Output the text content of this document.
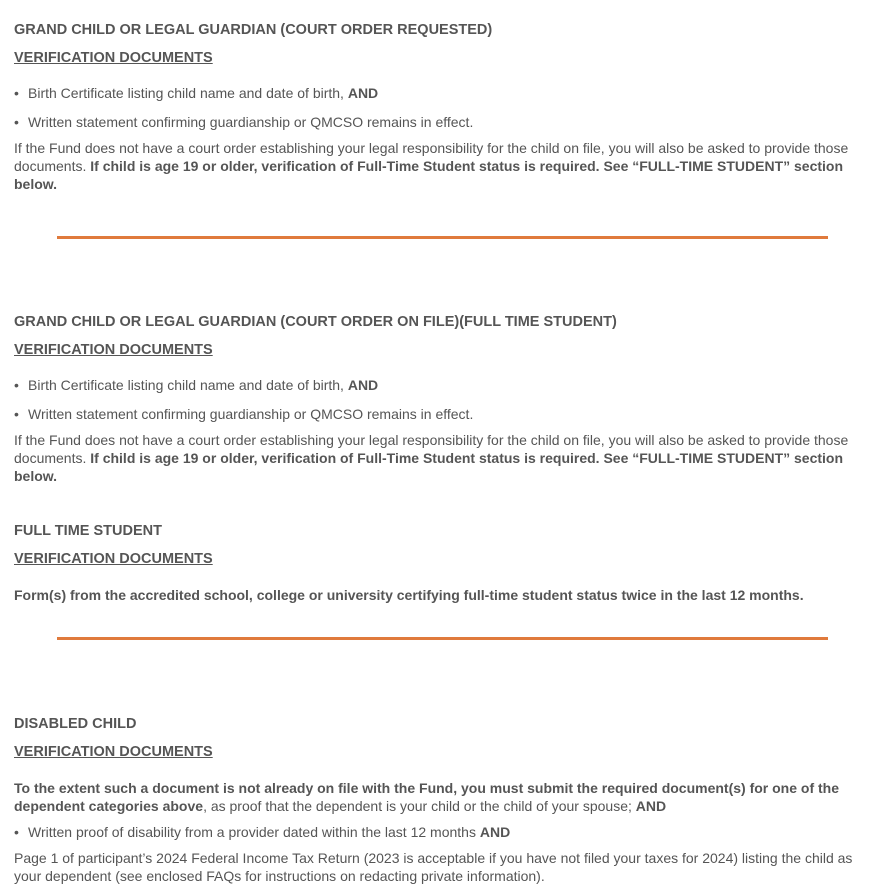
GRAND CHILD OR LEGAL GUARDIAN (COURT ORDER REQUESTED)
VERIFICATION DOCUMENTS
• Birth Certificate listing child name and date of birth, AND
• Written statement confirming guardianship or QMCSO remains in effect.

If the Fund does not have a court order establishing your legal responsibility for the child on file, you will also be asked to provide those documents. If child is age 19 or older, verification of Full-Time Student status is required. See “FULL-TIME STUDENT” section below.

GRAND CHILD OR LEGAL GUARDIAN (COURT ORDER ON FILE)(FULL TIME STUDENT)
VERIFICATION DOCUMENTS
• Birth Certificate listing child name and date of birth, AND
• Written statement confirming guardianship or QMCSO remains in effect.

If the Fund does not have a court order establishing your legal responsibility for the child on file, you will also be asked to provide those documents. If child is age 19 or older, verification of Full-Time Student status is required. See “FULL-TIME STUDENT” section below.

FULL TIME STUDENT
VERIFICATION DOCUMENTS

Form(s) from the accredited school, college or university certifying full-time student status twice in the last 12 months.

DISABLED CHILD
VERIFICATION DOCUMENTS

To the extent such a document is not already on file with the Fund, you must submit the required document(s) for one of the dependent categories above, as proof that the dependent is your child or the child of your spouse; AND

• Written proof of disability from a provider dated within the last 12 months AND

Page 1 of participant’s 2024 Federal Income Tax Return (2023 is acceptable if you have not filed your taxes for 2024) listing the child as your dependent (see enclosed FAQs for instructions on redacting private information).
